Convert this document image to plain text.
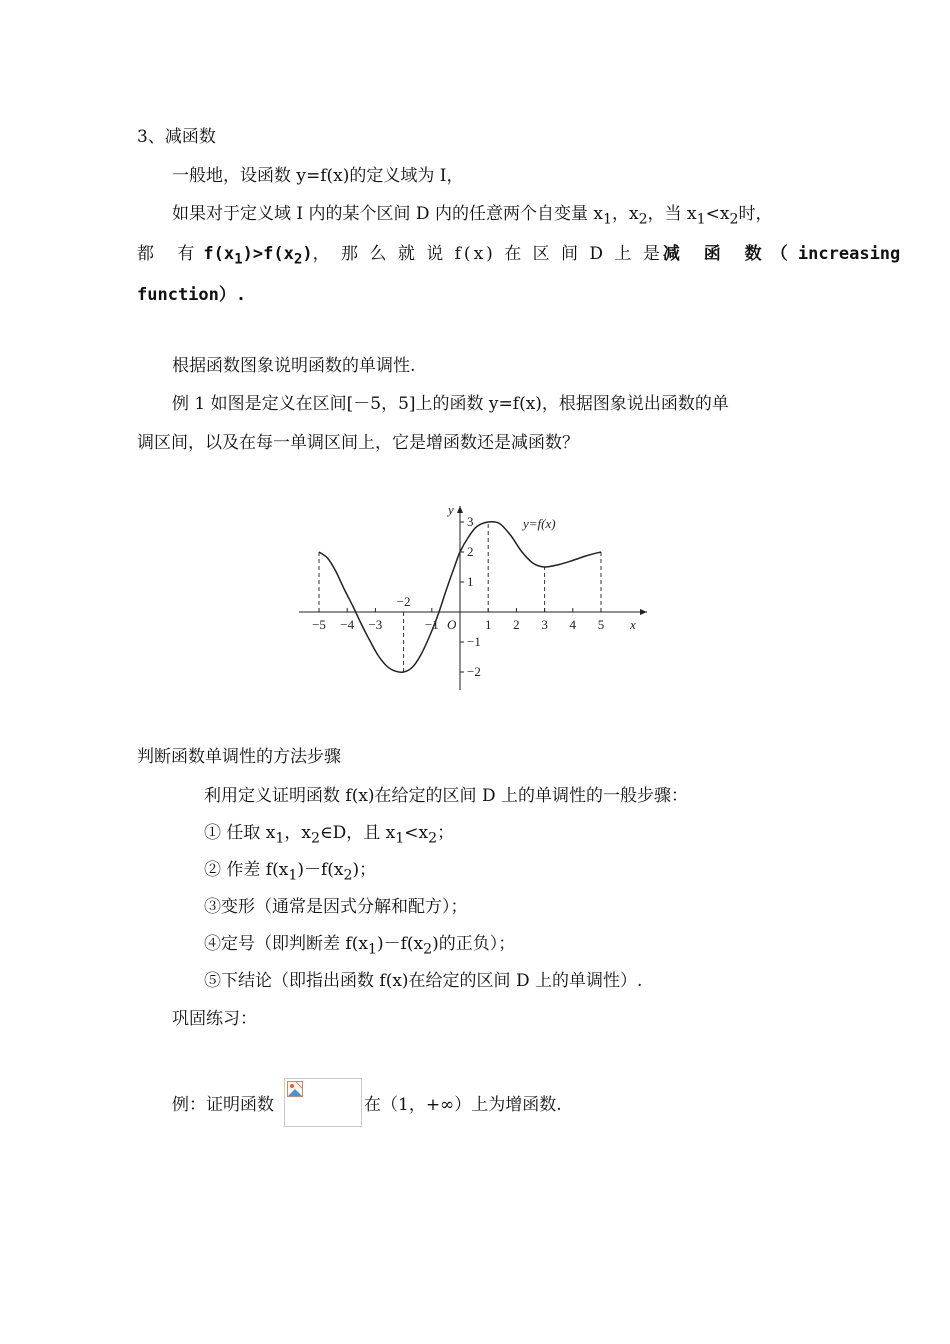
3、减函数
一般地，设函数 y=f(x)的定义域为 I，
如果对于定义域 I 内的某个区间 D 内的任意两个自变量 $x_1$，$x_2$，当 $x_1<x_2$时，
都 有 $f(x_1)>f(x_2)$ ， 那 么 就 说 f(x) 在 区 间 D 上 是 减 函 数 （ increasing
function）.
根据函数图象说明函数的单调性.
例 1 如图是定义在区间[－5，5]上的函数 y=f(x)，根据图象说出函数的单
调区间，以及在每一单调区间上，它是增函数还是减函数？
−5 −4 −3	−1	1 2 3 4 5
3
2
1
−1
−2
O	x
y
y=f(x)
−2
判断函数单调性的方法步骤
利用定义证明函数 f(x)在给定的区间 D 上的单调性的一般步骤：
① 任取 $x_1$，$x_2\in D$，且 $x_1<x_2$；
② 作差 $f(x_1)-f(x_2)$；
③变形（通常是因式分解和配方）；
④定号（即判断差 $f(x_1)-f(x_2)$的正负）；
⑤下结论（即指出函数 f(x)在给定的区间 D 上的单调性）.
巩固练习：
例：证明函数	在（1，+∞）上为增函数.
